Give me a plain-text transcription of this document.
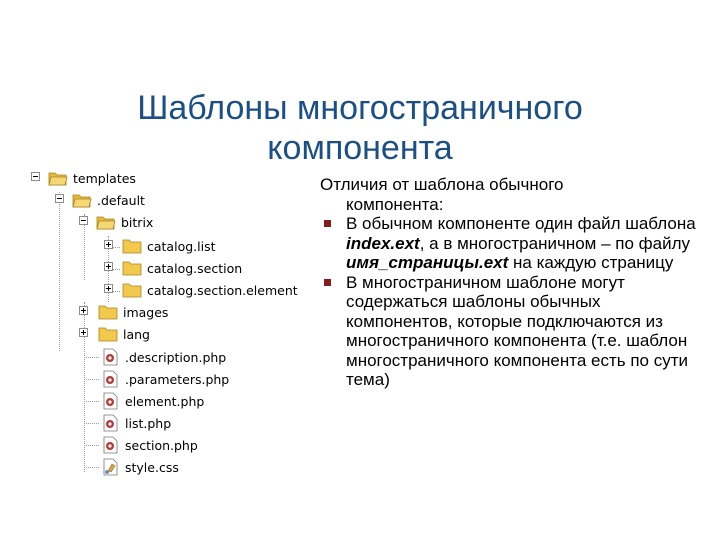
Шаблоны многостраничного
компонента
templates
.default
bitrix
catalog.list
catalog.section
catalog.section.element
images
lang
.description.php
.parameters.php
element.php
list.php
section.php
style.css
Отличия от шаблона обычного
компонента:
В обычном компоненте один файл шаблона index.ext, а в многостраничном – по файлу имя_страницы.ext на каждую страницу
В многостраничном шаблоне могут содержаться шаблоны обычных компонентов, которые подключаются из многостраничного компонента (т.е. шаблон многостраничного компонента есть по сути тема)
